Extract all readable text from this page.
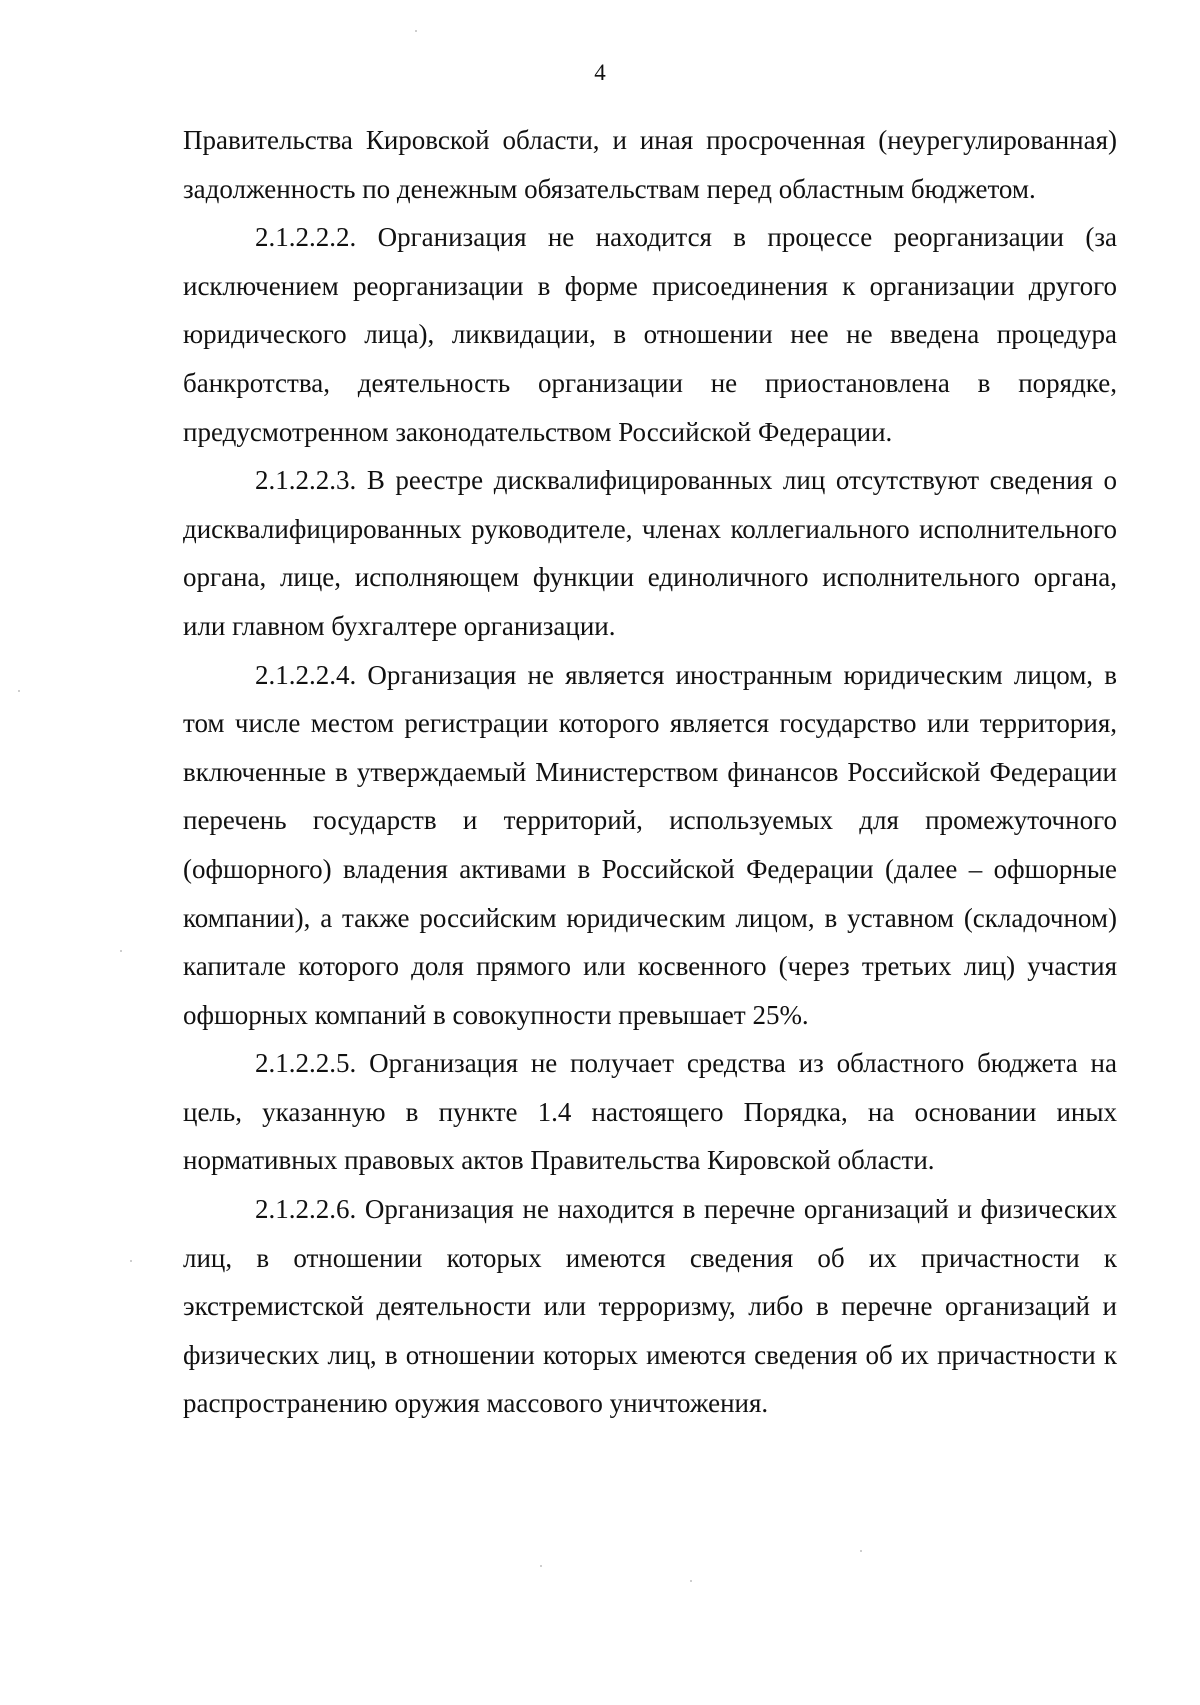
4

Правительства Кировской области, и иная просроченная (неурегулированная) задолженность по денежным обязательствам перед областным бюджетом.

2.1.2.2.2. Организация не находится в процессе реорганизации (за исключением реорганизации в форме присоединения к организации другого юридического лица), ликвидации, в отношении нее не введена процедура банкротства, деятельность организации не приостановлена в порядке, предусмотренном законодательством Российской Федерации.

2.1.2.2.3. В реестре дисквалифицированных лиц отсутствуют сведения о дисквалифицированных руководителе, членах коллегиального исполнительного органа, лице, исполняющем функции единоличного исполнительного органа, или главном бухгалтере организации.

2.1.2.2.4. Организация не является иностранным юридическим лицом, в том числе местом регистрации которого является государство или территория, включенные в утверждаемый Министерством финансов Российской Федерации перечень государств и территорий, используемых для промежуточного (офшорного) владения активами в Российской Федерации (далее – офшорные компании), а также российским юридическим лицом, в уставном (складочном) капитале которого доля прямого или косвенного (через третьих лиц) участия офшорных компаний в совокупности превышает 25%.

2.1.2.2.5. Организация не получает средства из областного бюджета на цель, указанную в пункте 1.4 настоящего Порядка, на основании иных нормативных правовых актов Правительства Кировской области.

2.1.2.2.6. Организация не находится в перечне организаций и физических лиц, в отношении которых имеются сведения об их причастности к экстремистской деятельности или терроризму, либо в перечне организаций и физических лиц, в отношении которых имеются сведения об их причастности к распространению оружия массового уничтожения.
